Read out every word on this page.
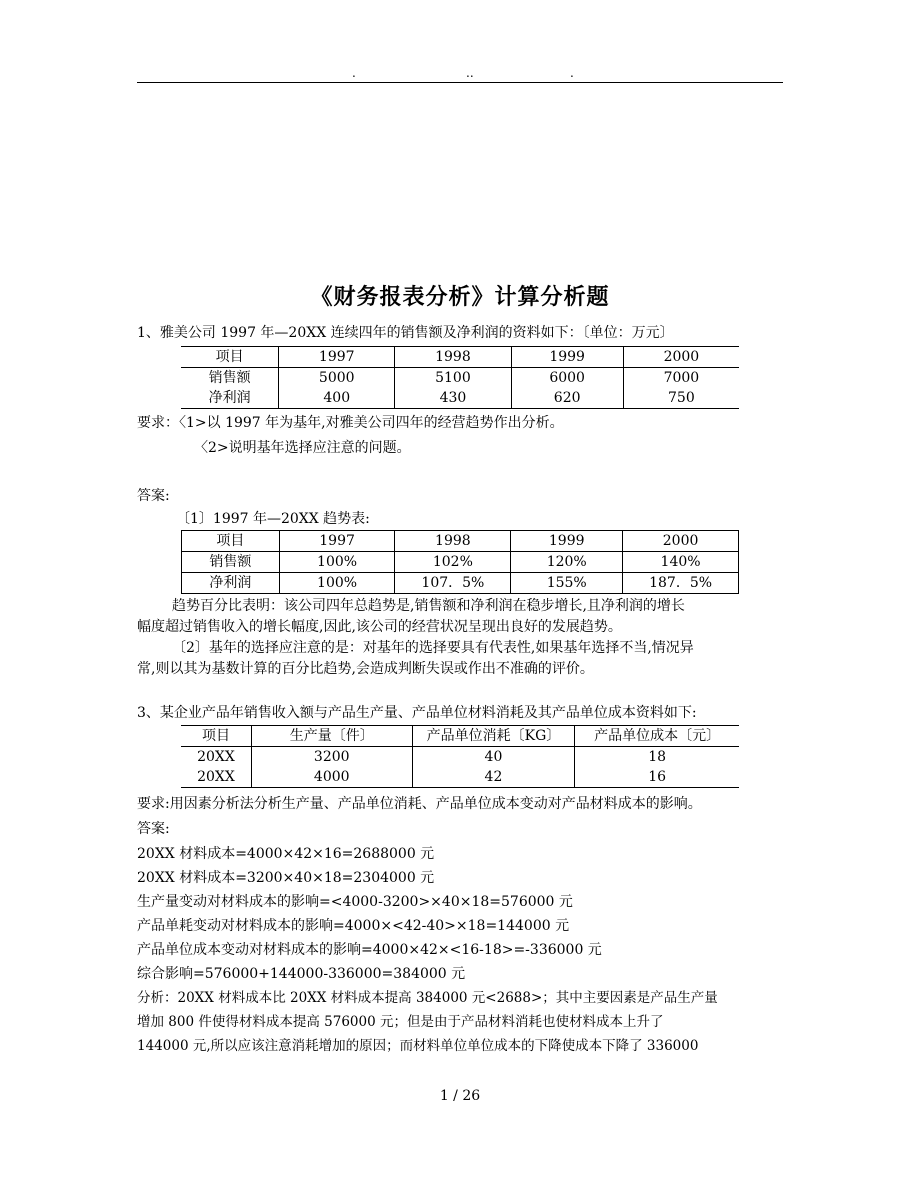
.	..	.
《财务报表分析》计算分析题
1、雅美公司 1997 年—20XX 连续四年的销售额及净利润的资料如下：〔单位：万元〕
项目	1997	1998	1999	2000
销售额	5000	5100	6000	7000
净利润	400	430	620	750
要求：〈1>以 1997 年为基年,对雅美公司四年的经营趋势作出分析。
〈2>说明基年选择应注意的问题。
答案:
〔1〕1997 年—20XX 趋势表:
项目	1997	1998	1999	2000
销售额	100%	102%	120%	140%
净利润	100%	107．5%	155%	187．5%
趋势百分比表明：该公司四年总趋势是,销售额和净利润在稳步增长,且净利润的增长
幅度超过销售收入的增长幅度,因此,该公司的经营状况呈现出良好的发展趋势。
〔2〕基年的选择应注意的是：对基年的选择要具有代表性,如果基年选择不当,情况异
常,则以其为基数计算的百分比趋势,会造成判断失误或作出不准确的评价。
3、某企业产品年销售收入额与产品生产量、产品单位材料消耗及其产品单位成本资料如下:
项目	生产量〔件〕	产品单位消耗〔KG〕	产品单位成本〔元〕
20XX	3200	40	18
20XX	4000	42	16
要求:用因素分析法分析生产量、产品单位消耗、产品单位成本变动对产品材料成本的影响。
答案:
20XX 材料成本=4000×42×16=2688000 元
20XX 材料成本=3200×40×18=2304000 元
生产量变动对材料成本的影响=<4000-3200>×40×18=576000 元
产品单耗变动对材料成本的影响=4000×<42-40>×18=144000 元
产品单位成本变动对材料成本的影响=4000×42×<16-18>=-336000 元
综合影响=576000+144000-336000=384000 元
分析：20XX 材料成本比 20XX 材料成本提高 384000 元<2688>；其中主要因素是产品生产量
增加 800 件使得材料成本提高 576000 元；但是由于产品材料消耗也使材料成本上升了
144000 元,所以应该注意消耗增加的原因；而材料单位单位成本的下降使成本下降了 336000
1 / 26
